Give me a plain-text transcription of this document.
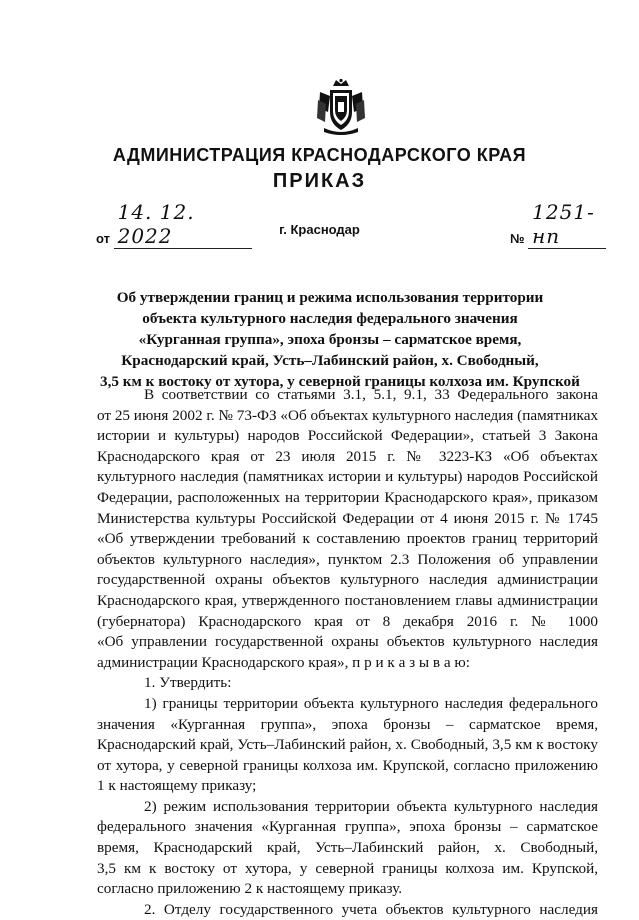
АДМИНИСТРАЦИЯ КРАСНОДАРСКОГО КРАЯ
ПРИКАЗ
от 14. 12. 2022	№ 1251-нп
г. Краснодар
Об утверждении границ и режима использования территории
объекта культурного наследия федерального значения
«Курганная группа», эпоха бронзы – сарматское время,
Краснодарский край, Усть–Лабинский район, х. Свободный,
3,5 км к востоку от хутора, у северной границы колхоза им. Крупской
В соответствии со статьями 3.1, 5.1, 9.1, 33 Федерального закона
от 25 июня 2002 г. № 73-ФЗ «Об объектах культурного наследия (памятниках
истории и культуры) народов Российской Федерации», статьей 3 Закона
Краснодарского края от 23 июля 2015 г. № 3223-КЗ «Об объектах
культурного наследия (памятниках истории и культуры) народов Российской
Федерации, расположенных на территории Краснодарского края», приказом
Министерства культуры Российской Федерации от 4 июня 2015 г. № 1745
«Об утверждении требований к составлению проектов границ территорий
объектов культурного наследия», пунктом 2.3 Положения об управлении
государственной охраны объектов культурного наследия администрации
Краснодарского края, утвержденного постановлением главы администрации
(губернатора) Краснодарского края от 8 декабря 2016 г. № 1000
«Об управлении государственной охраны объектов культурного наследия
администрации Краснодарского края», п р и к а з ы в а ю:
1. Утвердить:
1) границы территории объекта культурного наследия федерального
значения «Курганная группа», эпоха бронзы – сарматское время,
Краснодарский край, Усть–Лабинский район, х. Свободный, 3,5 км к востоку
от хутора, у северной границы колхоза им. Крупской, согласно приложению
1 к настоящему приказу;
2) режим использования территории объекта культурного наследия
федерального значения «Курганная группа», эпоха бронзы – сарматское
время, Краснодарский край, Усть–Лабинский район, х. Свободный,
3,5 км к востоку от хутора, у северной границы колхоза им. Крупской,
согласно приложению 2 к настоящему приказу.
2. Отделу государственного учета объектов культурного наследия
